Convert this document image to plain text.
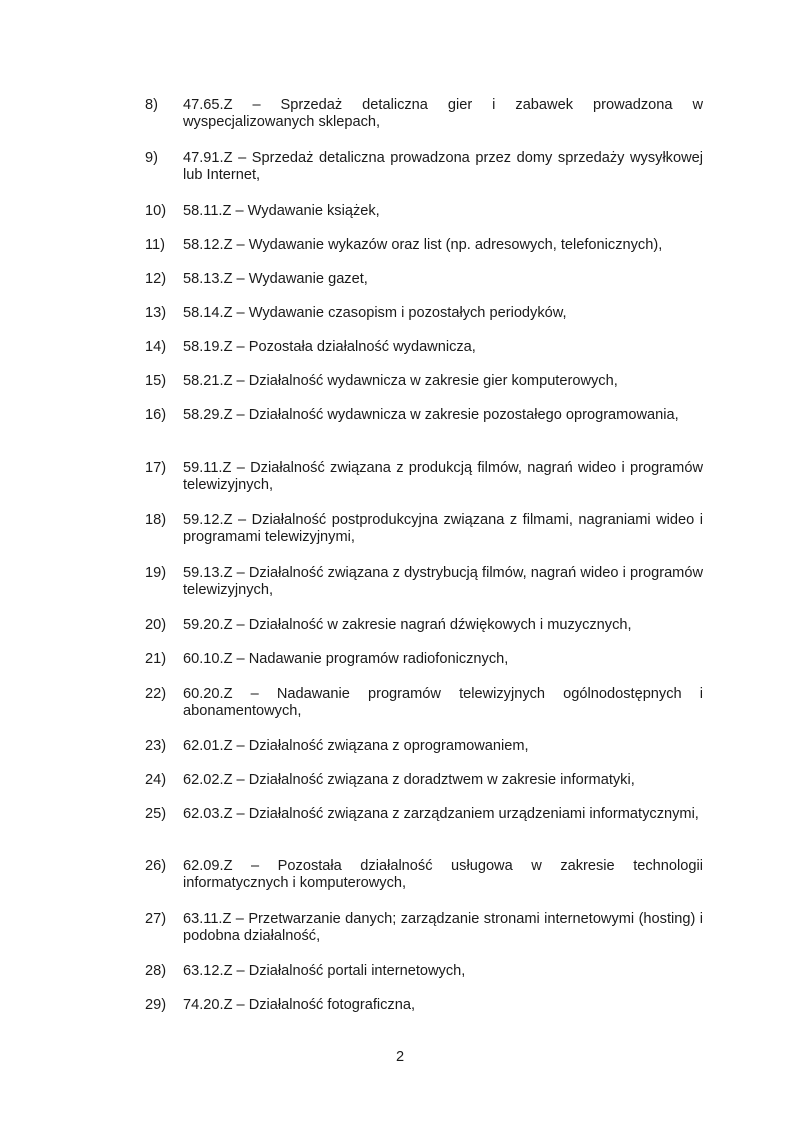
8)	47.65.Z – Sprzedaż detaliczna gier i zabawek prowadzona w wyspecjalizowanych sklepach,
9)	47.91.Z – Sprzedaż detaliczna prowadzona przez domy sprzedaży wysyłkowej lub Internet,
10)	58.11.Z – Wydawanie książek,
11)	58.12.Z – Wydawanie wykazów oraz list (np. adresowych, telefonicznych),
12)	58.13.Z – Wydawanie gazet,
13)	58.14.Z – Wydawanie czasopism i pozostałych periodyków,
14)	58.19.Z – Pozostała działalność wydawnicza,
15)	58.21.Z – Działalność wydawnicza w zakresie gier komputerowych,
16)	58.29.Z – Działalność wydawnicza w zakresie pozostałego oprogramowania,
17)	59.11.Z – Działalność związana z produkcją filmów, nagrań wideo i programów telewizyjnych,
18)	59.12.Z – Działalność postprodukcyjna związana z filmami, nagraniami wideo i programami telewizyjnymi,
19)	59.13.Z – Działalność związana z dystrybucją filmów, nagrań wideo i programów telewizyjnych,
20)	59.20.Z – Działalność w zakresie nagrań dźwiękowych i muzycznych,
21)	60.10.Z – Nadawanie programów radiofonicznych,
22)	60.20.Z – Nadawanie programów telewizyjnych ogólnodostępnych i abonamentowych,
23)	62.01.Z – Działalność związana z oprogramowaniem,
24)	62.02.Z – Działalność związana z doradztwem w zakresie informatyki,
25)	62.03.Z – Działalność związana z zarządzaniem urządzeniami informatycznymi,
26)	62.09.Z – Pozostała działalność usługowa w zakresie technologii informatycznych i komputerowych,
27)	63.11.Z – Przetwarzanie danych; zarządzanie stronami internetowymi (hosting) i podobna działalność,
28)	63.12.Z – Działalność portali internetowych,
29)	74.20.Z – Działalność fotograficzna,
2
